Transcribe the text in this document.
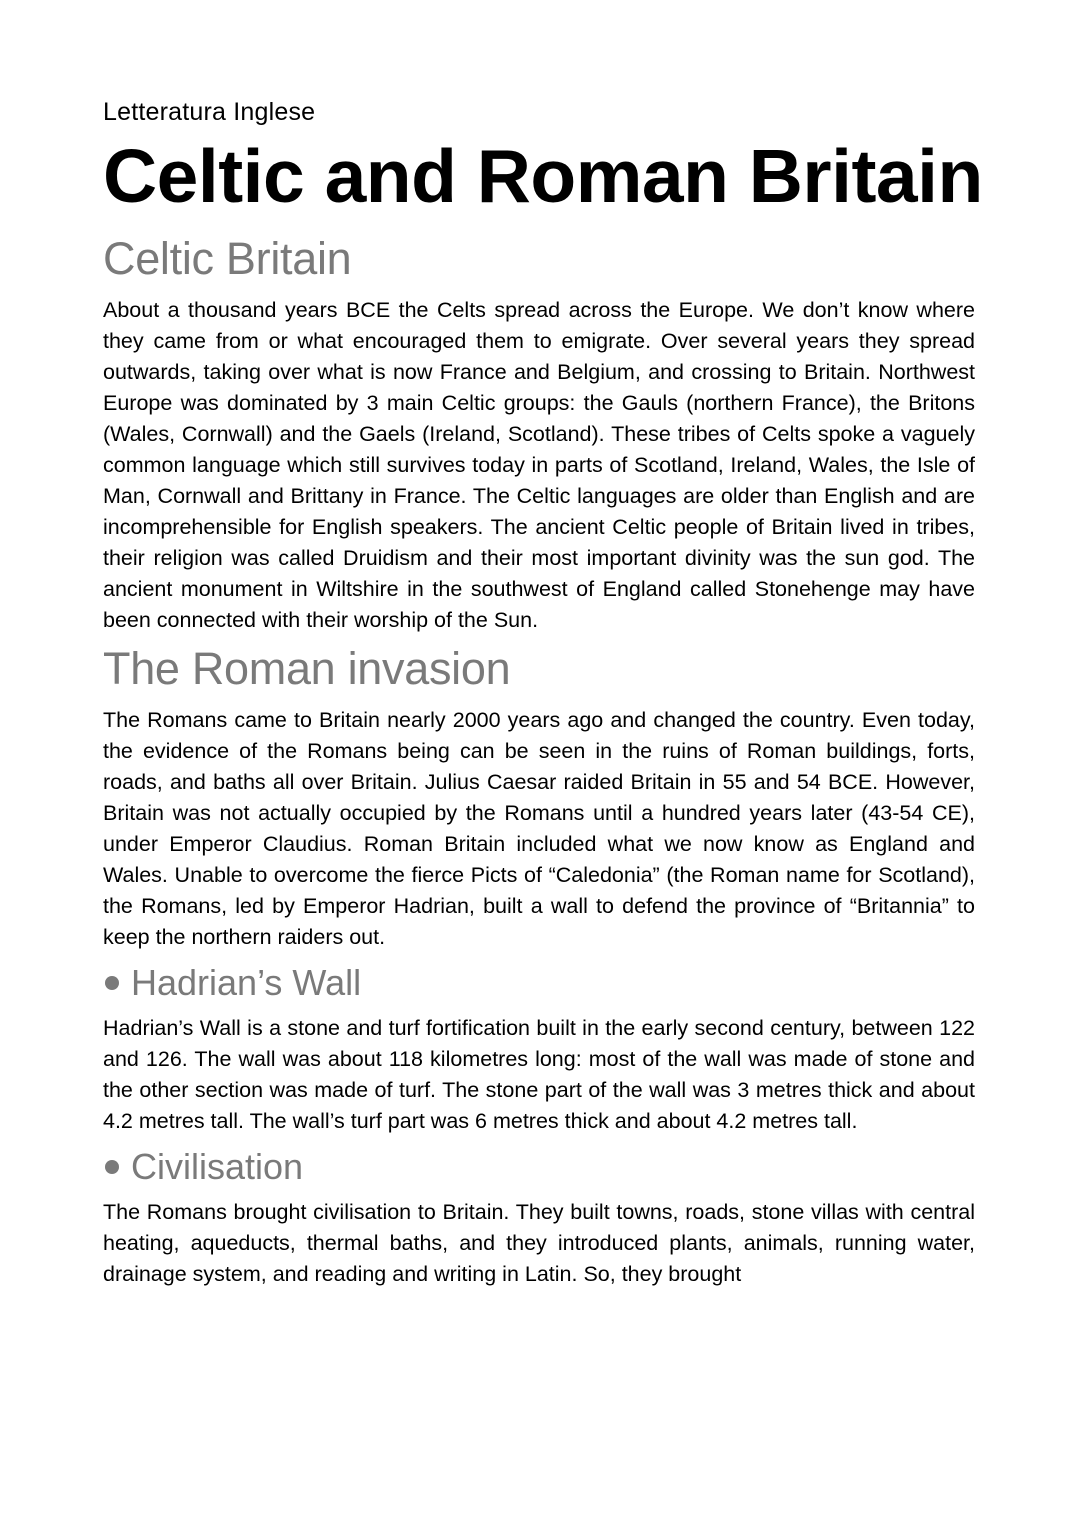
Letteratura Inglese
Celtic and Roman Britain
Celtic Britain
About a thousand years BCE the Celts spread across the Europe. We don’t know where they came from or what encouraged them to emigrate. Over several years they spread outwards, taking over what is now France and Belgium, and crossing to Britain. Northwest Europe was dominated by 3 main Celtic groups: the Gauls (northern France), the Britons (Wales, Cornwall) and the Gaels (Ireland, Scotland). These tribes of Celts spoke a vaguely common language which still survives today in parts of Scotland, Ireland, Wales, the Isle of Man, Cornwall and Brittany in France. The Celtic languages are older than English and are incomprehensible for English speakers. The ancient Celtic people of Britain lived in tribes, their religion was called Druidism and their most important divinity was the sun god. The ancient monument in Wiltshire in the southwest of England called Stonehenge may have been connected with their worship of the Sun.
The Roman invasion
The Romans came to Britain nearly 2000 years ago and changed the country. Even today, the evidence of the Romans being can be seen in the ruins of Roman buildings, forts, roads, and baths all over Britain. Julius Caesar raided Britain in 55 and 54 BCE. However, Britain was not actually occupied by the Romans until a hundred years later (43-54 CE), under Emperor Claudius. Roman Britain included what we now know as England and Wales. Unable to overcome the fierce Picts of “Caledonia” (the Roman name for Scotland), the Romans, led by Emperor Hadrian, built a wall to defend the province of “Britannia” to keep the northern raiders out.
Hadrian’s Wall
Hadrian’s Wall is a stone and turf fortification built in the early second century, between 122 and 126. The wall was about 118 kilometres long: most of the wall was made of stone and the other section was made of turf. The stone part of the wall was 3 metres thick and about 4.2 metres tall. The wall’s turf part was 6 metres thick and about 4.2 metres tall.
Civilisation
The Romans brought civilisation to Britain. They built towns, roads, stone villas with central heating, aqueducts, thermal baths, and they introduced plants, animals, running water, drainage system, and reading and writing in Latin. So, they brought
